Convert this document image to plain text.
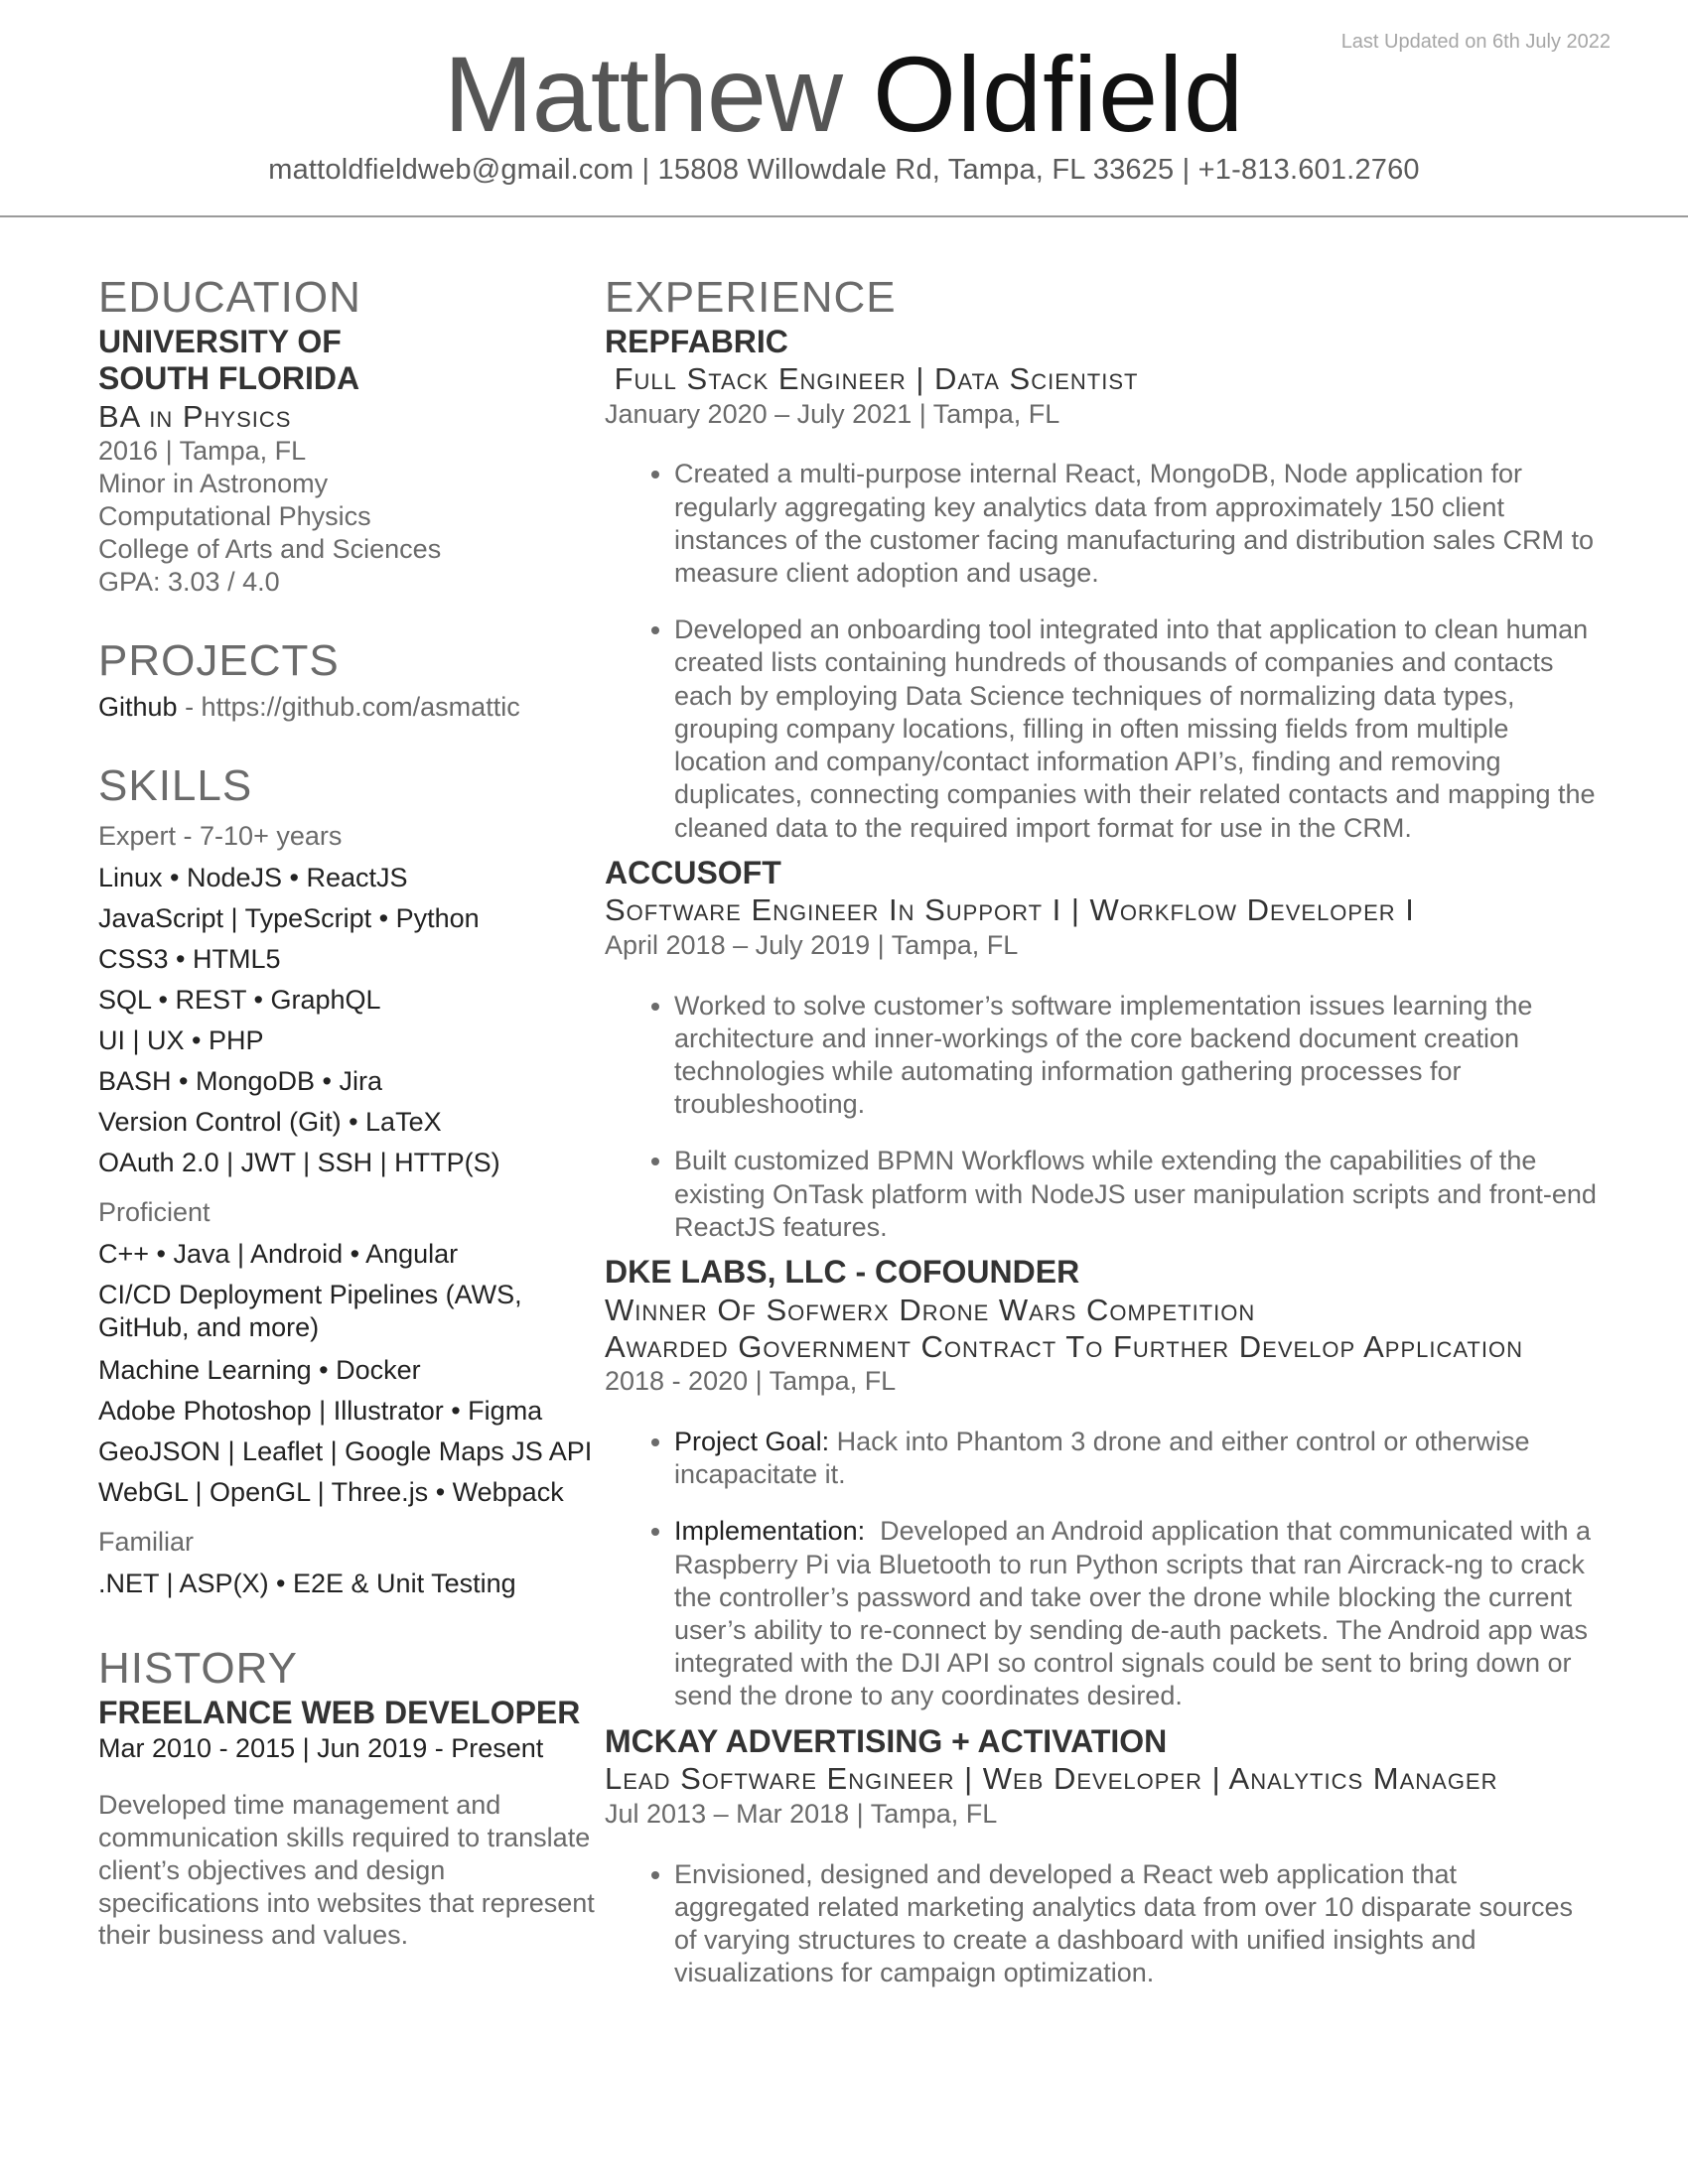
Last Updated on 6th July 2022
Matthew Oldfield
mattoldfieldweb@gmail.com | 15808 Willowdale Rd, Tampa, FL 33625 | +1-813.601.2760
EDUCATION
UNIVERSITY OF
SOUTH FLORIDA
BA in Physics
2016 | Tampa, FL
Minor in Astronomy
Computational Physics
College of Arts and Sciences
GPA: 3.03 / 4.0
PROJECTS
Github - https://github.com/asmattic
SKILLS
Expert - 7-10+ years
Linux • NodeJS • ReactJS
JavaScript | TypeScript • Python
CSS3 • HTML5
SQL • REST • GraphQL
UI | UX • PHP
BASH • MongoDB • Jira
Version Control (Git) • LaTeX
OAuth 2.0 | JWT | SSH | HTTP(S)
Proficient
C++ • Java | Android • Angular
CI/CD Deployment Pipelines (AWS, GitHub, and more)
Machine Learning • Docker
Adobe Photoshop | Illustrator • Figma
GeoJSON | Leaflet | Google Maps JS API
WebGL | OpenGL | Three.js • Webpack
Familiar
.NET | ASP(X) • E2E & Unit Testing
HISTORY
FREELANCE WEB DEVELOPER
Mar 2010 - 2015 | Jun 2019 - Present
Developed time management and communication skills required to translate client’s objectives and design specifications into websites that represent their business and values.
EXPERIENCE
REPFABRIC
Full Stack Engineer | Data Scientist
January 2020 – July 2021 | Tampa, FL
• Created a multi-purpose internal React, MongoDB, Node application for regularly aggregating key analytics data from approximately 150 client instances of the customer facing manufacturing and distribution sales CRM to measure client adoption and usage.
• Developed an onboarding tool integrated into that application to clean human created lists containing hundreds of thousands of companies and contacts each by employing Data Science techniques of normalizing data types, grouping company locations, filling in often missing fields from multiple location and company/contact information API’s, finding and removing duplicates, connecting companies with their related contacts and mapping the cleaned data to the required import format for use in the CRM.
ACCUSOFT
Software Engineer In Support I | Workflow Developer I
April 2018 – July 2019 | Tampa, FL
• Worked to solve customer’s software implementation issues learning the architecture and inner-workings of the core backend document creation technologies while automating information gathering processes for troubleshooting.
• Built customized BPMN Workflows while extending the capabilities of the existing OnTask platform with NodeJS user manipulation scripts and front-end ReactJS features.
DKE LABS, LLC - COFOUNDER
Winner Of Sofwerx Drone Wars Competition
Awarded Government Contract To Further Develop Application
2018 - 2020 | Tampa, FL
• Project Goal: Hack into Phantom 3 drone and either control or otherwise incapacitate it.
• Implementation:  Developed an Android application that communicated with a Raspberry Pi via Bluetooth to run Python scripts that ran Aircrack-ng to crack the controller’s password and take over the drone while blocking the current user’s ability to re-connect by sending de-auth packets. The Android app was integrated with the DJI API so control signals could be sent to bring down or send the drone to any coordinates desired.
MCKAY ADVERTISING + ACTIVATION
Lead Software Engineer | Web Developer | Analytics Manager
Jul 2013 – Mar 2018 | Tampa, FL
• Envisioned, designed and developed a React web application that aggregated related marketing analytics data from over 10 disparate sources of varying structures to create a dashboard with unified insights and visualizations for campaign optimization.
